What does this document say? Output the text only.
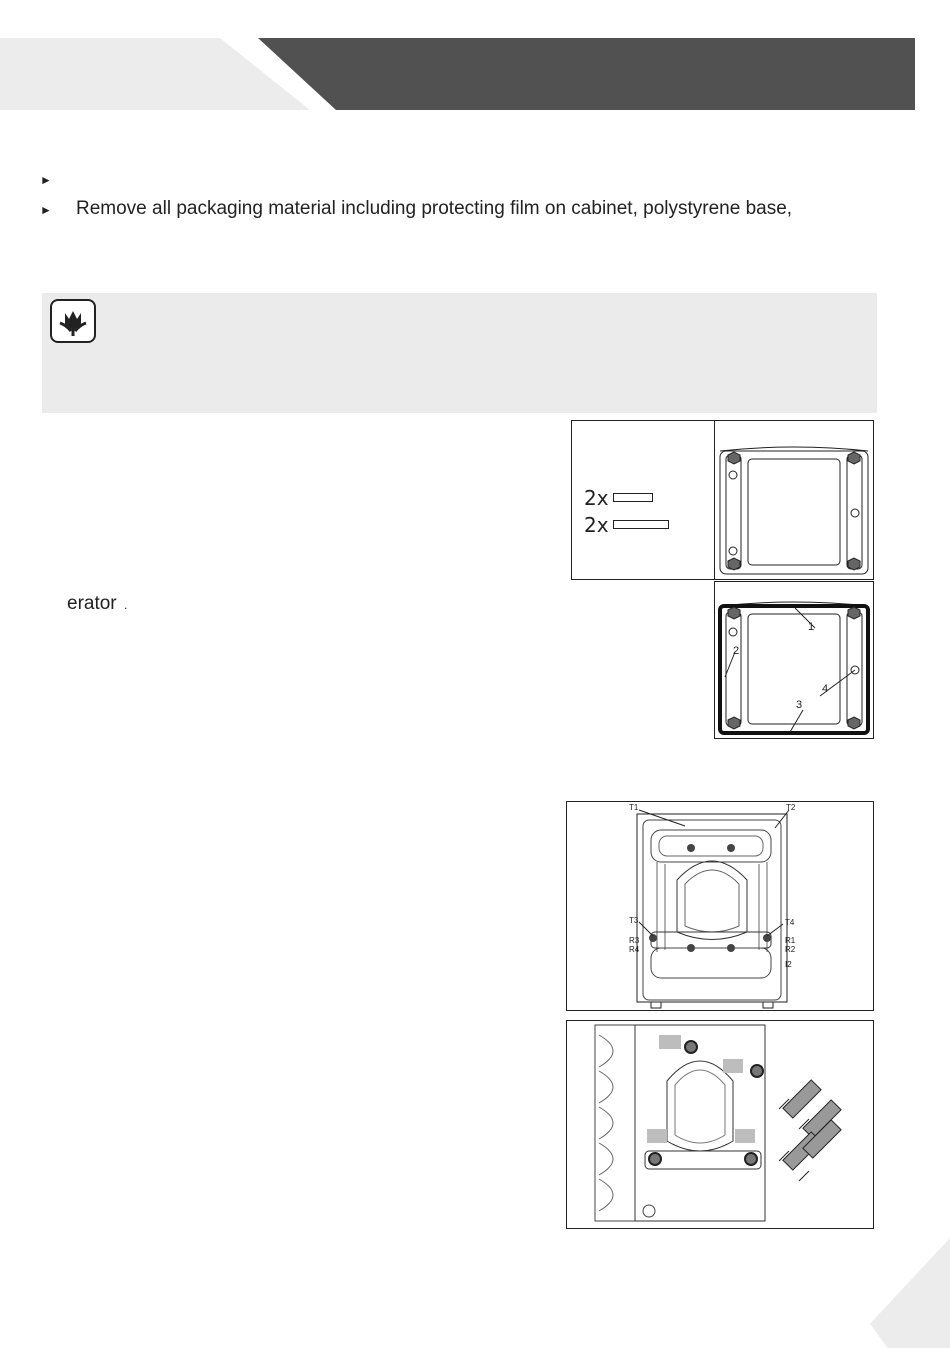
►
► Remove all packaging material including protecting film on cabinet, polystyrene base,
2x
2x
erator .
1
2
3
4
T1	T2
T3	T4
R3
R4
R1
R2
I2
